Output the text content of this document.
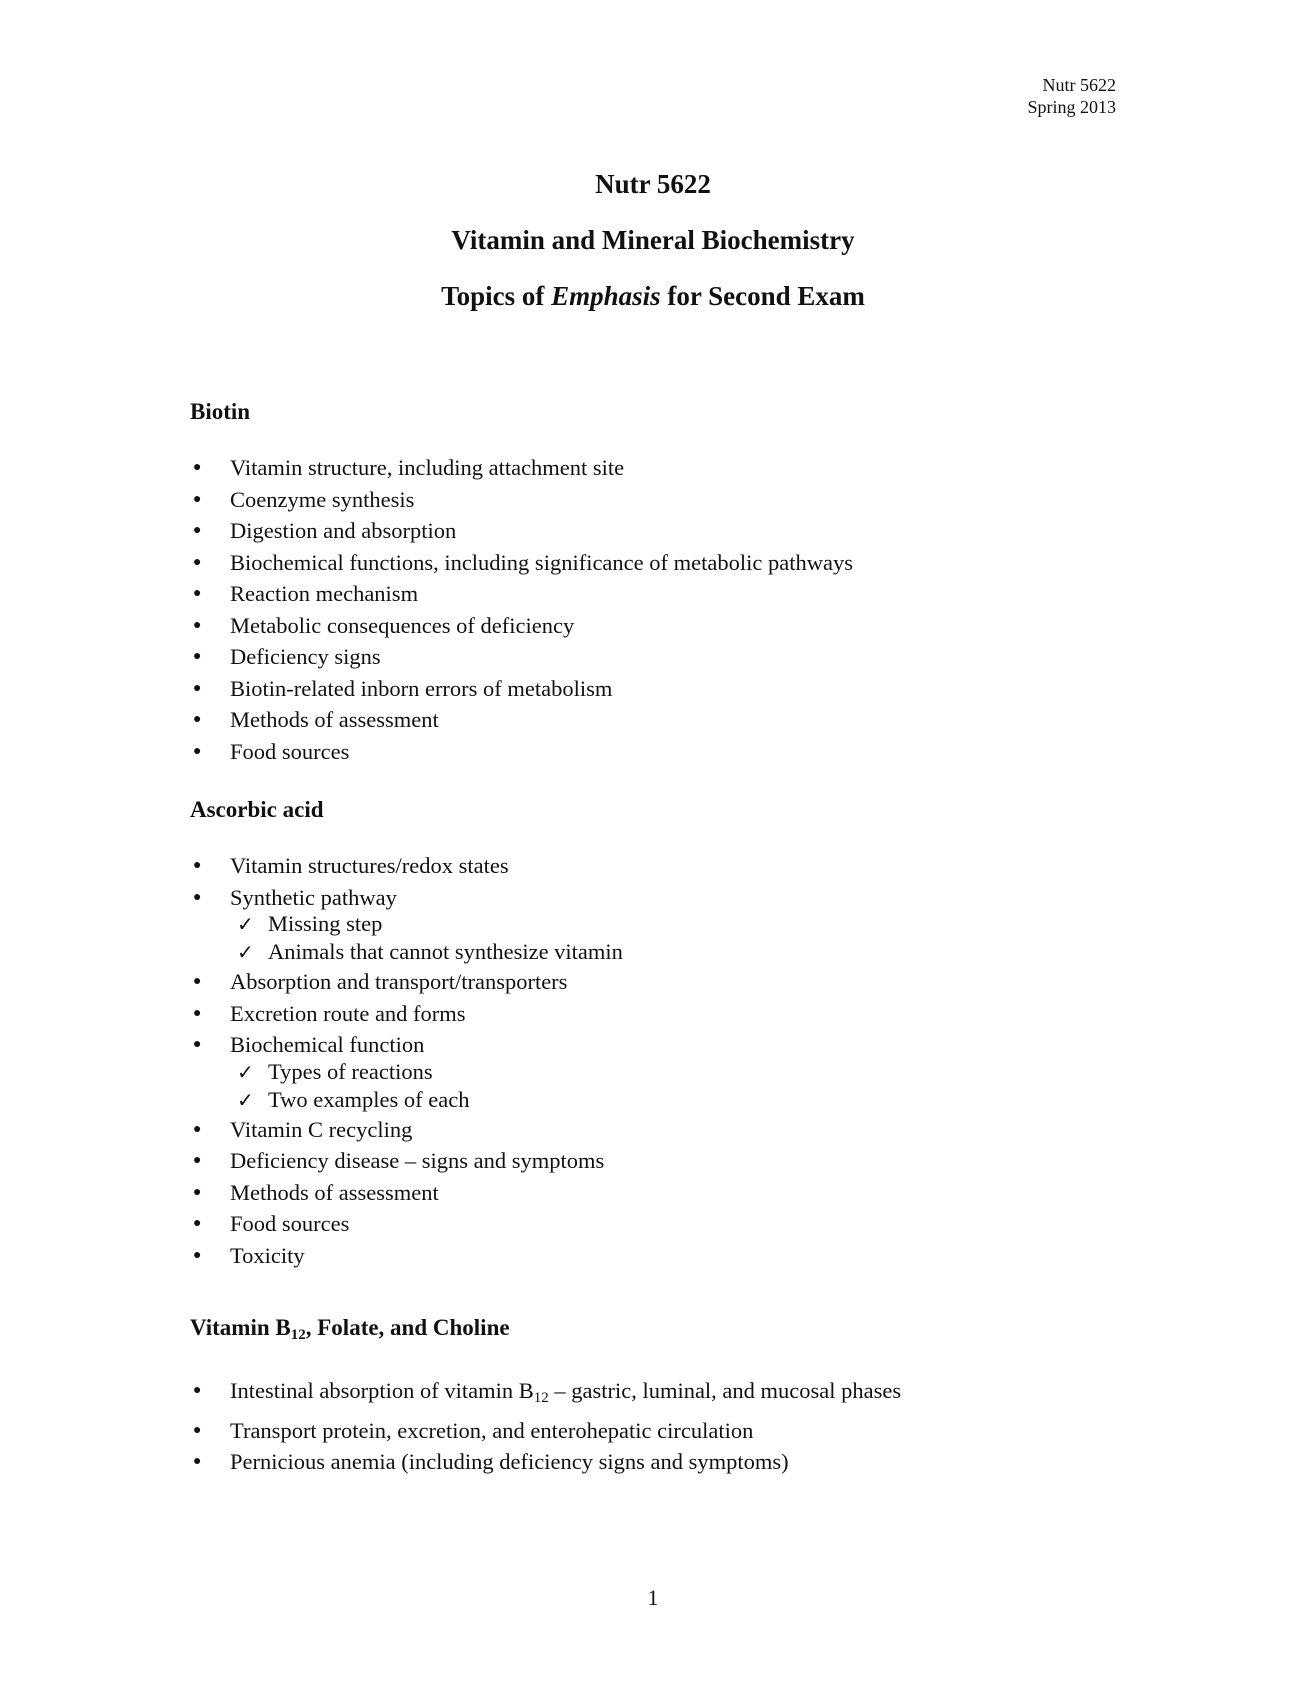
Nutr 5622
Spring 2013
Nutr 5622
Vitamin and Mineral Biochemistry
Topics of Emphasis for Second Exam
Biotin
● Vitamin structure, including attachment site
● Coenzyme synthesis
● Digestion and absorption
● Biochemical functions, including significance of metabolic pathways
● Reaction mechanism
● Metabolic consequences of deficiency
● Deficiency signs
● Biotin-related inborn errors of metabolism
● Methods of assessment
● Food sources
Ascorbic acid
● Vitamin structures/redox states
● Synthetic pathway
✓ Missing step
✓ Animals that cannot synthesize vitamin
● Absorption and transport/transporters
● Excretion route and forms
● Biochemical function
✓ Types of reactions
✓ Two examples of each
● Vitamin C recycling
● Deficiency disease – signs and symptoms
● Methods of assessment
● Food sources
● Toxicity
Vitamin $B_{12}$, Folate, and Choline
● Intestinal absorption of vitamin $B_{12}$ – gastric, luminal, and mucosal phases
● Transport protein, excretion, and enterohepatic circulation
● Pernicious anemia (including deficiency signs and symptoms)
1
